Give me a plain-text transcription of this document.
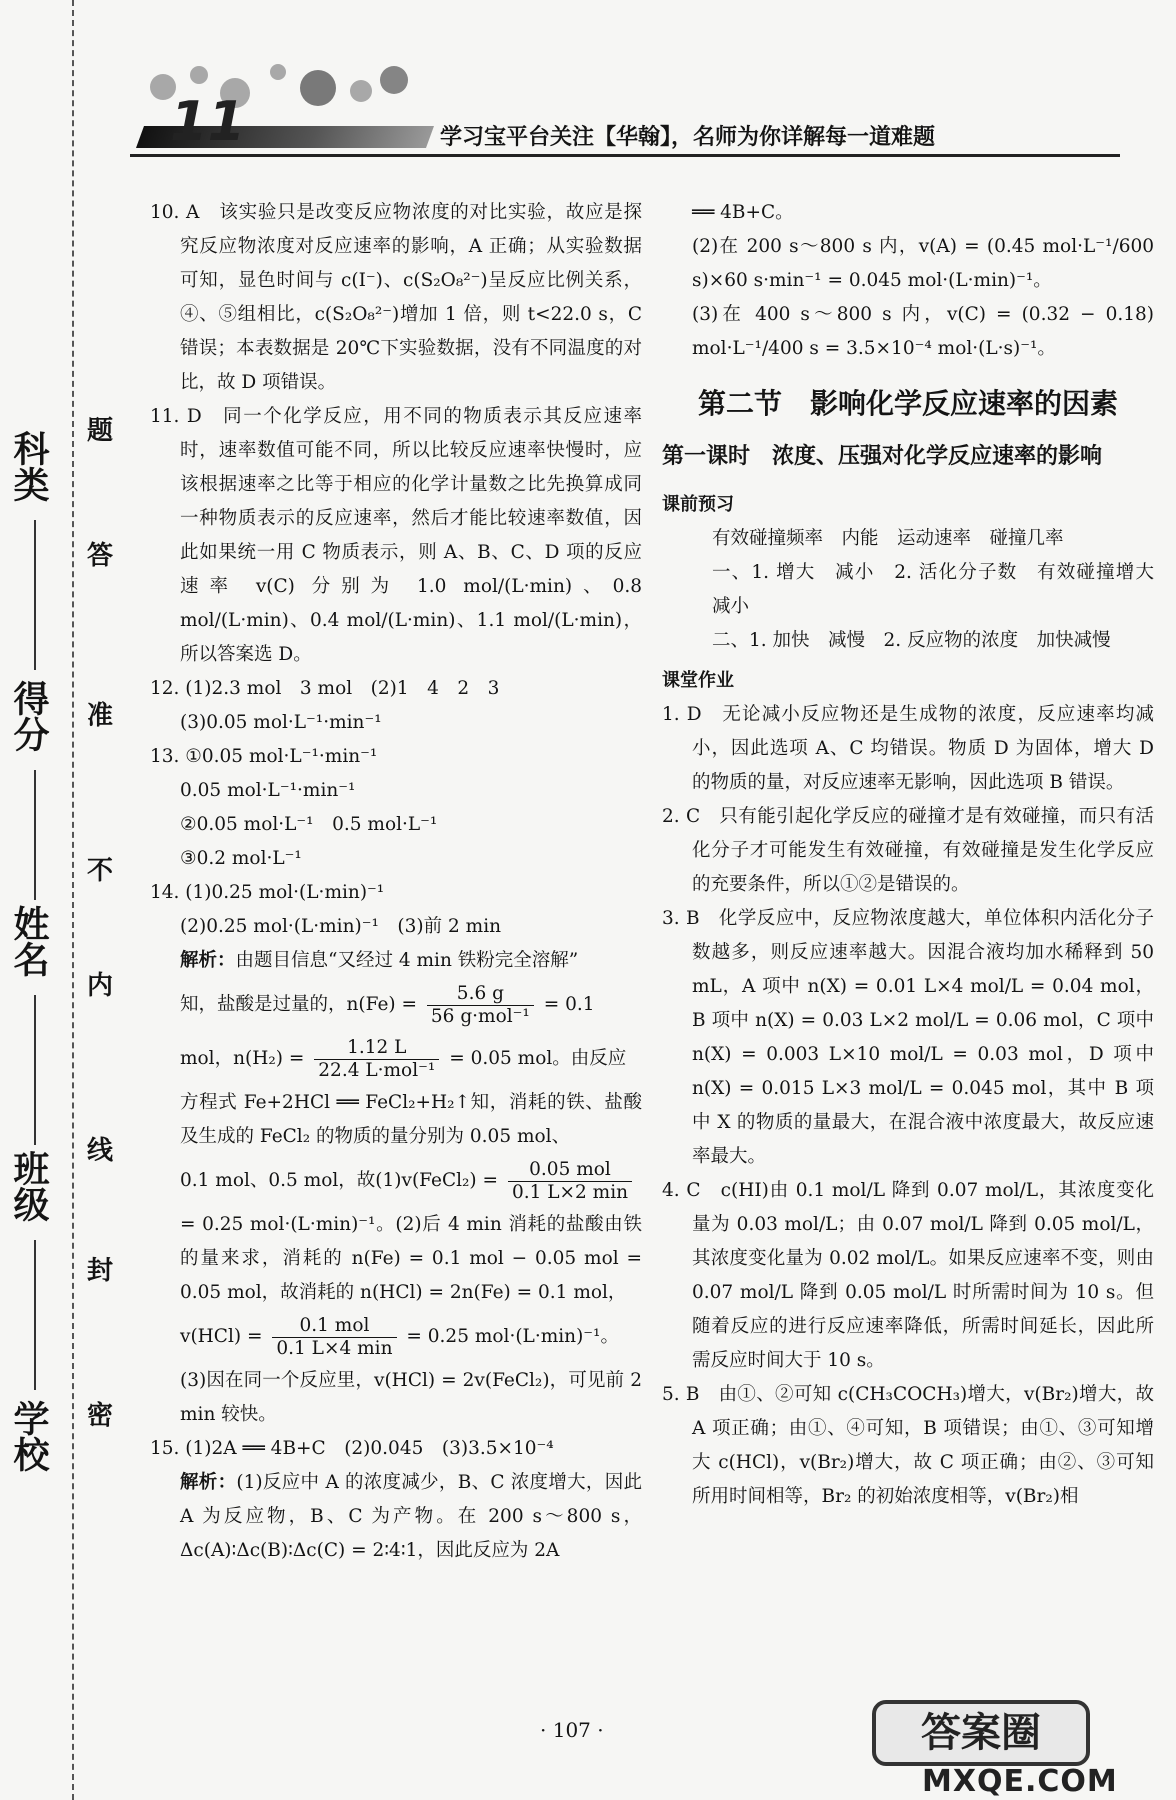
科类
得分
姓名
班级
学校
题
答
准
不
内
线
封
密
11	学习宝平台关注【华翰】，名师为你详解每一道难题

10. A　该实验只是改变反应物浓度的对比实验，故应是探究反应物浓度对反应速率的影响，A 正确；从实验数据可知，显色时间与 c(I⁻)、c(S₂O₈²⁻)呈反应比例关系，④、⑤组相比，c(S₂O₈²⁻)增加 1 倍，则 t<22.0 s，C 错误；本表数据是 20℃下实验数据，没有不同温度的对比，故 D 项错误。

11. D　同一个化学反应，用不同的物质表示其反应速率时，速率数值可能不同，所以比较反应速率快慢时，应该根据速率之比等于相应的化学计量数之比先换算成同一种物质表示的反应速率，然后才能比较速率数值，因此如果统一用 C 物质表示，则 A、B、C、D 项的反应速率 v(C) 分别为 1.0 mol/(L·min)、0.8 mol/(L·min)、0.4 mol/(L·min)、1.1 mol/(L·min)，所以答案选 D。

12. (1)2.3 mol　3 mol　(2)1　4　2　3

(3)0.05 mol·L⁻¹·min⁻¹

13. ①0.05 mol·L⁻¹·min⁻¹

0.05 mol·L⁻¹·min⁻¹

②0.05 mol·L⁻¹　0.5 mol·L⁻¹

③0.2 mol·L⁻¹

14. (1)0.25 mol·(L·min)⁻¹

(2)0.25 mol·(L·min)⁻¹　(3)前 2 min

解析：由题目信息“又经过 4 min 铁粉完全溶解”

知，盐酸是过量的，$n(Fe) = \frac{5.6 g}{\text{56 g·mol⁻¹}} = 0.1$

mol，$n(H_2) = \frac{1.12 L}{\text{22.4 L·mol⁻¹}} = 0.05$ mol。由反应

方程式 Fe+2HCl ══ FeCl₂+H₂↑知，消耗的铁、盐酸及生成的 FeCl₂ 的物质的量分别为 0.05 mol、

0.1 mol、0.5 mol，故(1)v(FeCl₂) = $\frac{\text{0.05 mol}}{0.1 L\times 2 \min}$

= 0.25 mol·(L·min)⁻¹。(2)后 4 min 消耗的盐酸由铁的量来求，消耗的 n(Fe) = 0.1 mol − 0.05 mol = 0.05 mol，故消耗的 n(HCl) = 2n(Fe) = 0.1 mol，

$v(HCl) = \frac{\text{0.1 mol}}{0.1 L\times 4 \min} = 0.25$ mol·(L·min)⁻¹。

(3)因在同一个反应里，v(HCl) = 2v(FeCl₂)，可见前 2 min 较快。

15. (1)2A ══ 4B+C　(2)0.045　(3)3.5×10⁻⁴

解析：(1)反应中 A 的浓度减少，B、C 浓度增大，因此 A 为反应物，B、C 为产物。在 200 s～800 s，Δc(A)∶Δc(B)∶Δc(C) = 2∶4∶1，因此反应为 2A

══ 4B+C。

(2)在 200 s～800 s 内，v(A) = (0.45 mol·L⁻¹/600 s)×60 s·min⁻¹ = 0.045 mol·(L·min)⁻¹。

(3)在 400 s～800 s 内，v(C) = (0.32 − 0.18) mol·L⁻¹/400 s = 3.5×10⁻⁴ mol·(L·s)⁻¹。

第二节　影响化学反应速率的因素
第一课时　浓度、压强对化学反应速率的影响
课前预习

有效碰撞频率　内能　运动速率　碰撞几率

一、1. 增大　减小　2. 活化分子数　有效碰撞增大　减小

二、1. 加快　减慢　2. 反应物的浓度　加快减慢

课堂作业

1. D　无论减小反应物还是生成物的浓度，反应速率均减小，因此选项 A、C 均错误。物质 D 为固体，增大 D 的物质的量，对反应速率无影响，因此选项 B 错误。

2. C　只有能引起化学反应的碰撞才是有效碰撞，而只有活化分子才可能发生有效碰撞，有效碰撞是发生化学反应的充要条件，所以①②是错误的。

3. B　化学反应中，反应物浓度越大，单位体积内活化分子数越多，则反应速率越大。因混合液均加水稀释到 50 mL，A 项中 n(X) = 0.01 L×4 mol/L = 0.04 mol，B 项中 n(X) = 0.03 L×2 mol/L = 0.06 mol，C 项中 n(X) = 0.003 L×10 mol/L = 0.03 mol，D 项中 n(X) = 0.015 L×3 mol/L = 0.045 mol，其中 B 项中 X 的物质的量最大，在混合液中浓度最大，故反应速率最大。

4. C　c(HI)由 0.1 mol/L 降到 0.07 mol/L，其浓度变化量为 0.03 mol/L；由 0.07 mol/L 降到 0.05 mol/L，其浓度变化量为 0.02 mol/L。如果反应速率不变，则由 0.07 mol/L 降到 0.05 mol/L 时所需时间为 10 s。但随着反应的进行反应速率降低，所需时间延长，因此所需反应时间大于 10 s。

5. B　由①、②可知 c(CH₃COCH₃)增大，v(Br₂)增大，故 A 项正确；由①、④可知，B 项错误；由①、③可知增大 c(HCl)，v(Br₂)增大，故 C 项正确；由②、③可知所用时间相等，Br₂ 的初始浓度相等，v(Br₂)相

· 107 ·	答案圈
MXQE.COM
